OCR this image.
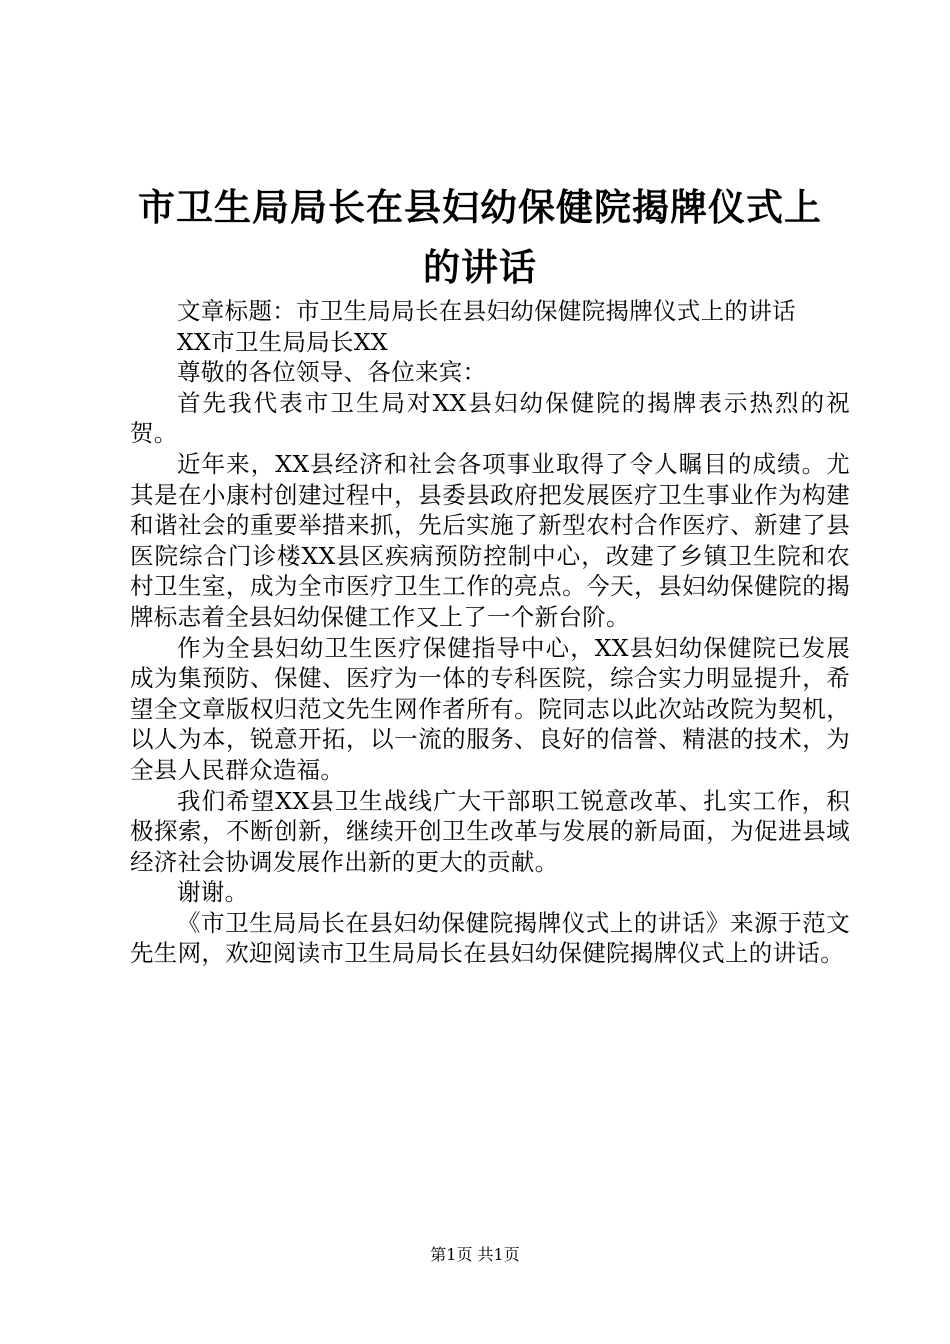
市卫生局局长在县妇幼保健院揭牌仪式上的讲话

文章标题：市卫生局局长在县妇幼保健院揭牌仪式上的讲话

XX市卫生局局长XX

尊敬的各位领导、各位来宾：

首先我代表市卫生局对XX县妇幼保健院的揭牌表示热烈的祝贺。

近年来，XX县经济和社会各项事业取得了令人瞩目的成绩。尤其是在小康村创建过程中，县委县政府把发展医疗卫生事业作为构建和谐社会的重要举措来抓，先后实施了新型农村合作医疗、新建了县医院综合门诊楼XX县区疾病预防控制中心，改建了乡镇卫生院和农村卫生室，成为全市医疗卫生工作的亮点。今天，县妇幼保健院的揭牌标志着全县妇幼保健工作又上了一个新台阶。

作为全县妇幼卫生医疗保健指导中心，XX县妇幼保健院已发展成为集预防、保健、医疗为一体的专科医院，综合实力明显提升，希望全文章版权归范文先生网作者所有。院同志以此次站改院为契机，以人为本，锐意开拓，以一流的服务、良好的信誉、精湛的技术，为全县人民群众造福。

我们希望XX县卫生战线广大干部职工锐意改革、扎实工作，积极探索，不断创新，继续开创卫生改革与发展的新局面，为促进县域经济社会协调发展作出新的更大的贡献。

谢谢。

《市卫生局局长在县妇幼保健院揭牌仪式上的讲话》来源于范文先生网，欢迎阅读市卫生局局长在县妇幼保健院揭牌仪式上的讲话。

第1页 共1页
